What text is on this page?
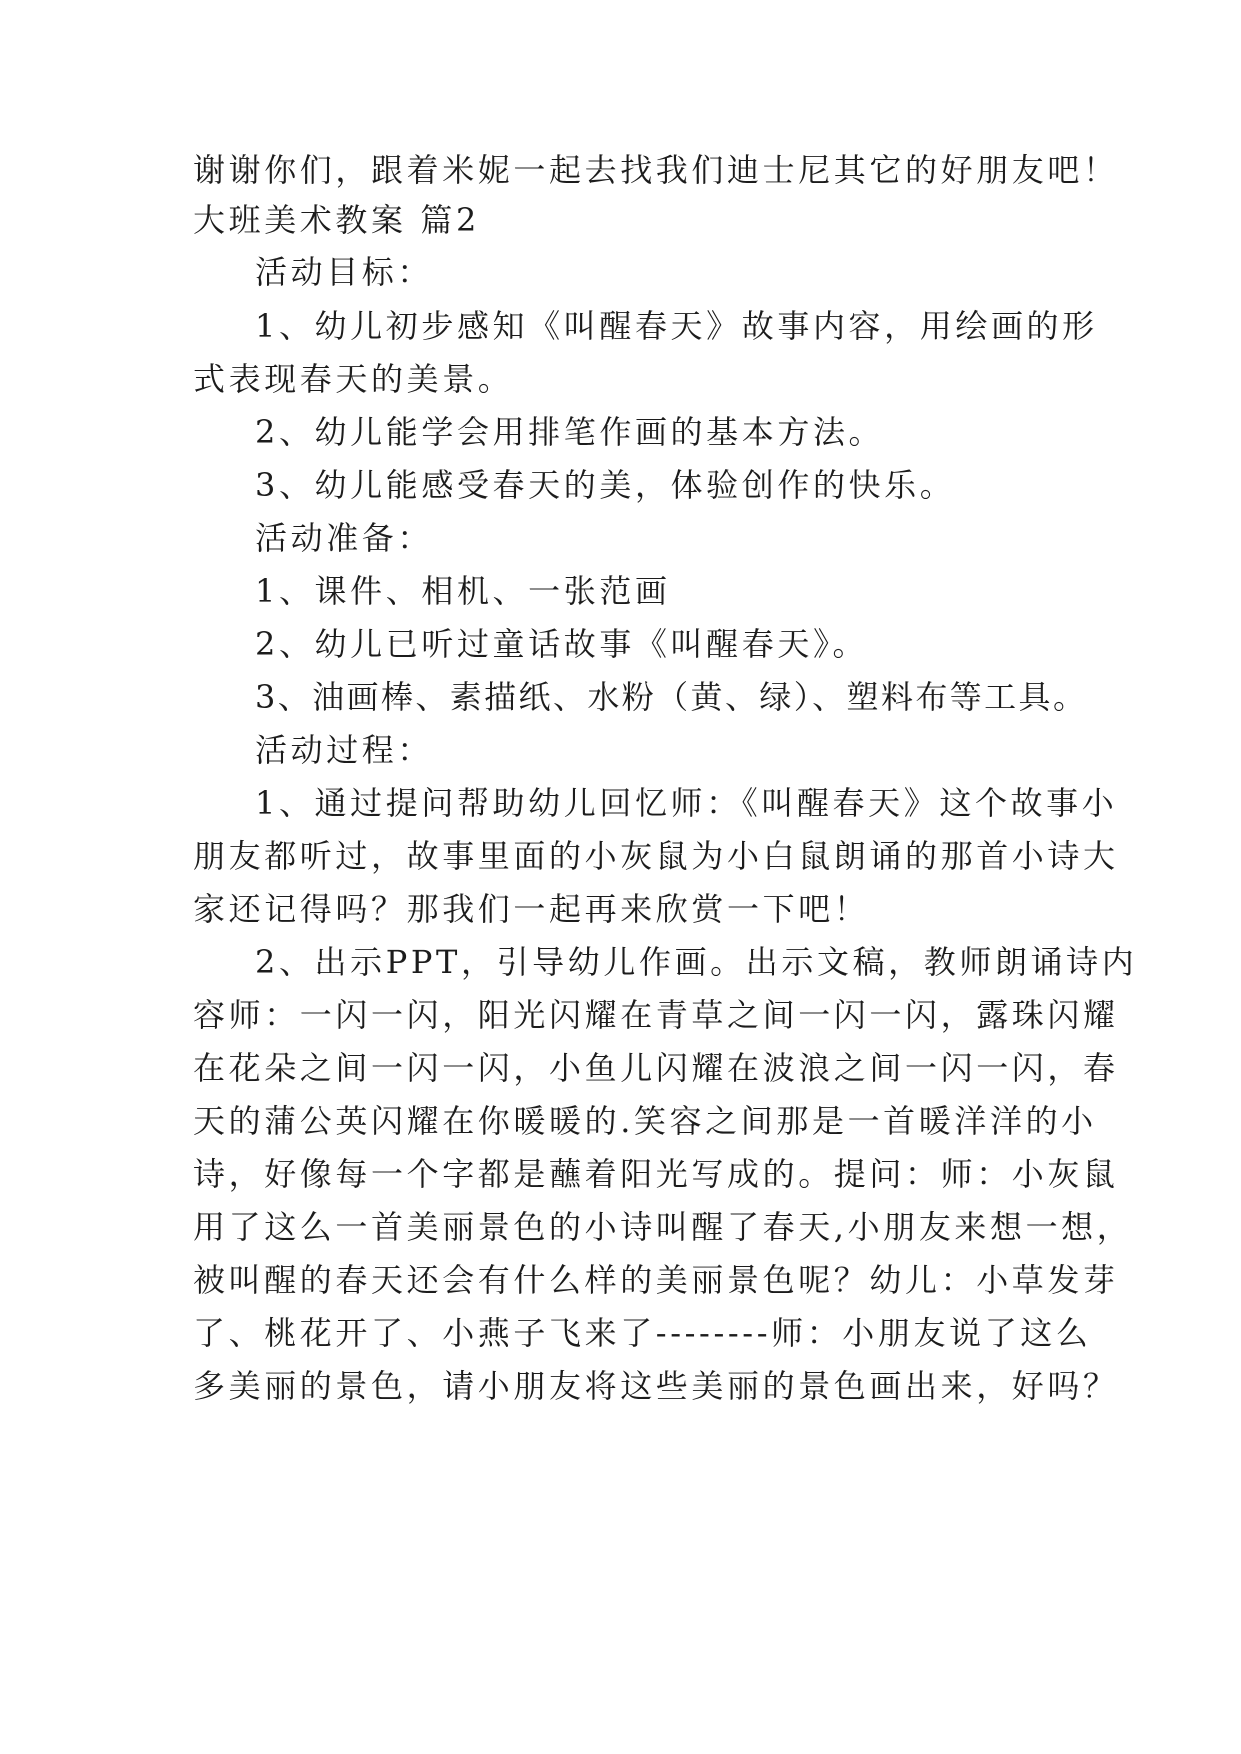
谢谢你们，跟着米妮一起去找我们迪士尼其它的好朋友吧！
大班美术教案 篇2
活动目标：
1、幼儿初步感知《叫醒春天》故事内容，用绘画的形
式表现春天的美景。
2、幼儿能学会用排笔作画的基本方法。
3、幼儿能感受春天的美，体验创作的快乐。
活动准备：
1、课件、相机、一张范画
2、幼儿已听过童话故事《叫醒春天》。
3、油画棒、素描纸、水粉（黄、绿）、塑料布等工具。
活动过程：
1、通过提问帮助幼儿回忆师：《叫醒春天》这个故事小
朋友都听过，故事里面的小灰鼠为小白鼠朗诵的那首小诗大
家还记得吗？那我们一起再来欣赏一下吧！
2、出示PPT，引导幼儿作画。出示文稿，教师朗诵诗内
容师：一闪一闪，阳光闪耀在青草之间一闪一闪，露珠闪耀
在花朵之间一闪一闪，小鱼儿闪耀在波浪之间一闪一闪，春
天的蒲公英闪耀在你暖暖的.笑容之间那是一首暖洋洋的小
诗，好像每一个字都是蘸着阳光写成的。提问：师：小灰鼠
用了这么一首美丽景色的小诗叫醒了春天,小朋友来想一想，
被叫醒的春天还会有什么样的美丽景色呢？幼儿：小草发芽
了、桃花开了、小燕子飞来了--------师：小朋友说了这么
多美丽的景色，请小朋友将这些美丽的景色画出来，好吗？
